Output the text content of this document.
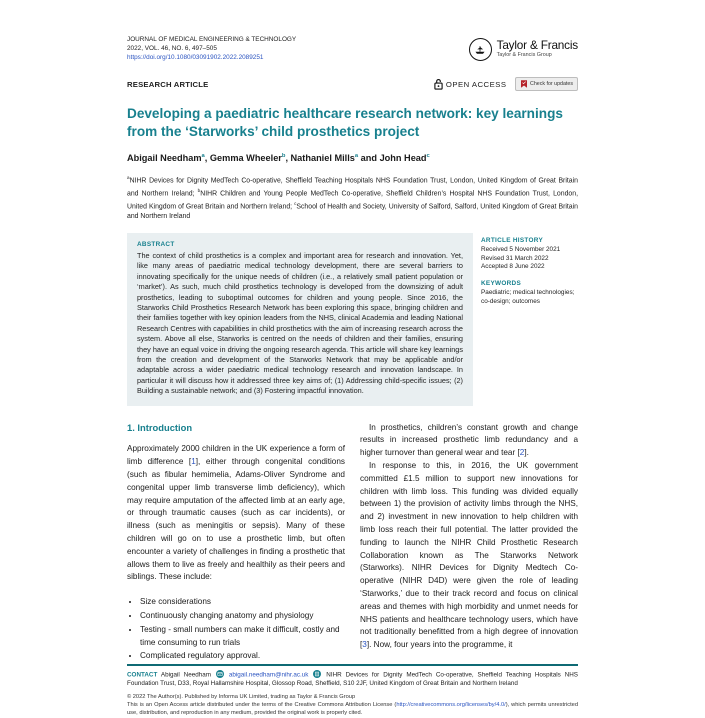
JOURNAL OF MEDICAL ENGINEERING & TECHNOLOGY
2022, VOL. 46, NO. 6, 497–505
https://doi.org/10.1080/03091902.2022.2089251
Taylor & Francis
Taylor & Francis Group
RESEARCH ARTICLE	OPEN ACCESS	Check for updates
Developing a paediatric healthcare research network: key learnings from the ‘Starworks’ child prosthetics project

Abigail Needham$^a$, Gemma Wheeler$^b$, Nathaniel Mills$^a$ and John Head$^c$

$^a$NIHR Devices for Dignity MedTech Co-operative, Sheffield Teaching Hospitals NHS Foundation Trust, London, United Kingdom of Great Britain and Northern Ireland; $^b$NIHR Children and Young People MedTech Co-operative, Sheffield Children’s Hospital NHS Foundation Trust, London, United Kingdom of Great Britain and Northern Ireland; $^c$School of Health and Society, University of Salford, Salford, United Kingdom of Great Britain and Northern Ireland

ABSTRACT

The context of child prosthetics is a complex and important area for research and innovation. Yet, like many areas of paediatric medical technology development, there are several barriers to innovating specifically for the unique needs of children (i.e., a relatively small patient population or ‘market’). As such, much child prosthetics technology is developed from the downsizing of adult prosthetics, leading to suboptimal outcomes for children and young people. Since 2016, the Starworks Child Prosthetics Research Network has been exploring this space, bringing children and their families together with key opinion leaders from the NHS, clinical Academia and leading National Research Centres with capabilities in child prosthetics with the aim of increasing research across the system. Above all else, Starworks is centred on the needs of children and their families, ensuring they have an equal voice in driving the ongoing research agenda. This article will share key learnings from the creation and development of the Starworks Network that may be applicable and/or adaptable across a wider paediatric medical technology research and innovation landscape. In particular it will discuss how it addressed three key aims of; (1) Addressing child-specific issues; (2) Building a sustainable network; and (3) Fostering impactful innovation.

ARTICLE HISTORY
Received 5 November 2021
Revised 31 March 2022
Accepted 8 June 2022
KEYWORDS
Paediatric; medical technologies; co-design; outcomes
1. Introduction

Approximately 2000 children in the UK experience a form of limb difference [1], either through congenital conditions (such as fibular hemimelia, Adams-Oliver Syndrome and congenital upper limb transverse limb deficiency), which may require amputation of the affected limb at an early age, or through traumatic causes (such as car incidents), or illness (such as meningitis or sepsis). Many of these children will go on to use a prosthetic limb, but often encounter a variety of challenges in finding a prosthetic that allows them to live as freely and healthily as their peers and siblings. These include:

• Size considerations
• Continuously changing anatomy and physiology
• Testing - small numbers can make it difficult, costly and time consuming to run trials
• Complicated regulatory approval.

In prosthetics, children’s constant growth and change results in increased prosthetic limb redundancy and a higher turnover than general wear and tear [2].

In response to this, in 2016, the UK government committed £1.5 million to support new innovations for children with limb loss. This funding was divided equally between 1) the provision of activity limbs through the NHS, and 2) investment in new innovation to help children with limb loss reach their full potential. The latter provided the funding to launch the NIHR Child Prosthetic Research Collaboration known as The Starworks Network (Starworks). NIHR Devices for Dignity Medtech Co-operative (NIHR D4D) were given the role of leading ‘Starworks,’ due to their track record and focus on clinical areas and themes with high morbidity and unmet needs for NHS patients and healthcare technology users, which have not traditionally benefitted from a high degree of innovation [3]. Now, four years into the programme, it

CONTACT Abigail Needham	abigail.needham@nihr.ac.uk	NIHR Devices for Dignity MedTech Co-operative, Sheffield Teaching Hospitals NHS Foundation Trust, D33, Royal Hallamshire Hospital, Glossop Road, Sheffield, S10 2JF, United Kingdom of Great Britain and Northern Ireland

© 2022 The Author(s). Published by Informa UK Limited, trading as Taylor & Francis Group

This is an Open Access article distributed under the terms of the Creative Commons Attribution License (http://creativecommons.org/licenses/by/4.0/), which permits unrestricted use, distribution, and reproduction in any medium, provided the original work is properly cited.
